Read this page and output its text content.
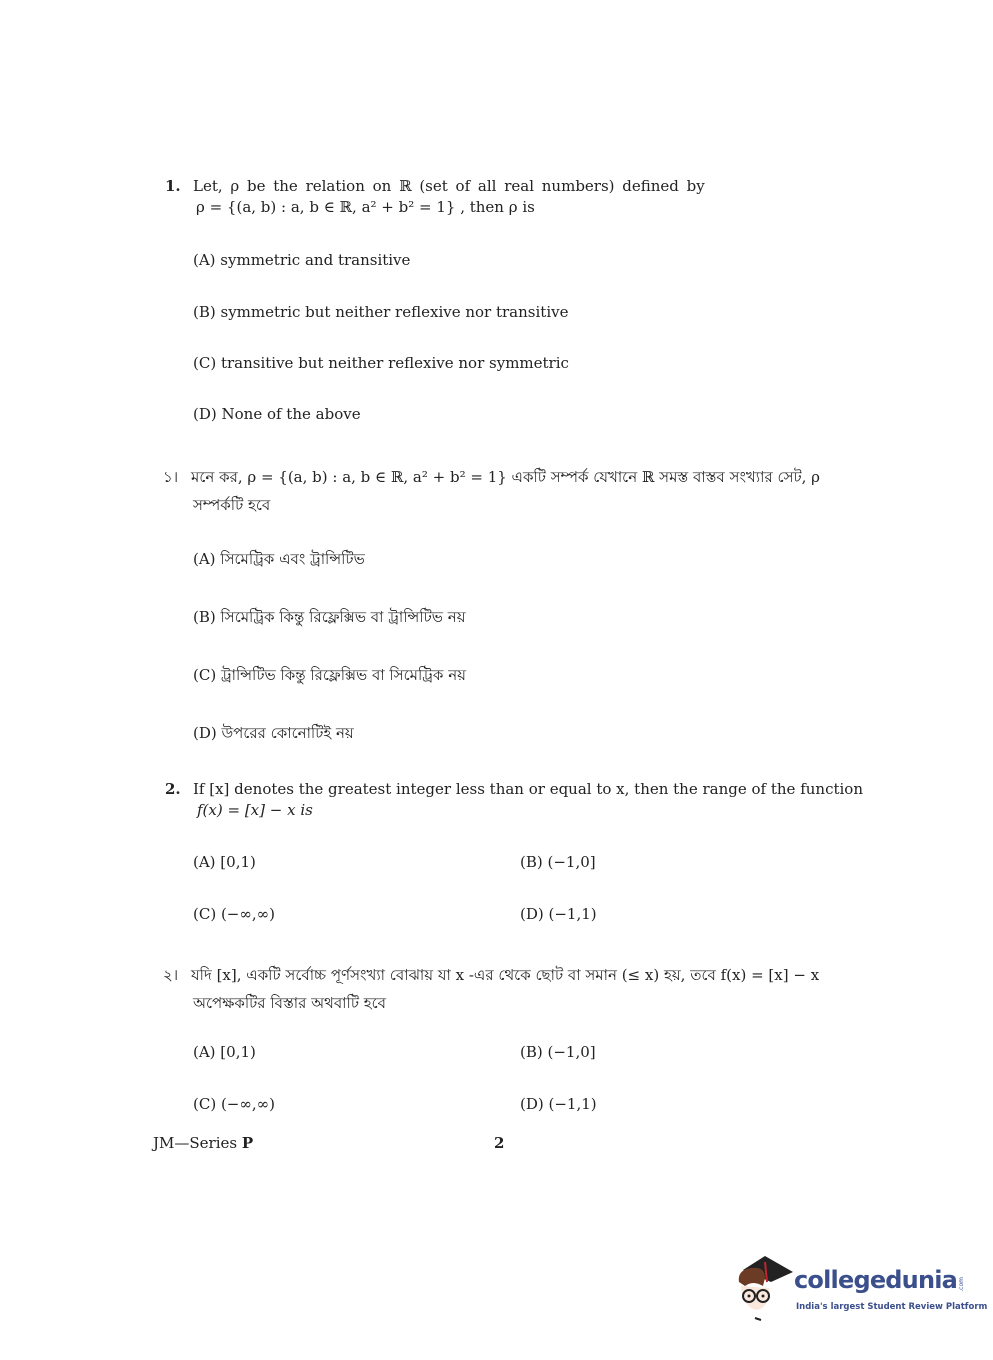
1. Let, ρ be the relation on ℝ (set of all real numbers) defined by
ρ = {(a, b) : a, b ∈ ℝ, a² + b² = 1} , then ρ is
(A) symmetric and transitive
(B) symmetric but neither reflexive nor transitive
(C) transitive but neither reflexive nor symmetric
(D) None of the above
১। মনে কর, ρ = {(a, b) : a, b ∈ ℝ, a² + b² = 1} একটি সম্পর্ক যেখানে ℝ সমস্ত বাস্তব সংখ্যার সেট, ρ
সম্পর্কটি হবে
(A) সিমেট্রিক এবং ট্রান্সিটিভ
(B) সিমেট্রিক কিন্তু রিফ্লেক্সিভ বা ট্রান্সিটিভ নয়
(C) ট্রান্সিটিভ কিন্তু রিফ্লেক্সিভ বা সিমেট্রিক নয়
(D) উপরের কোনোটিই নয়
2. If [x] denotes the greatest integer less than or equal to x, then the range of the function
f(x) = [x] − x is
(A) [0,1)	(B) (−1,0]
(C) (−∞,∞)	(D) (−1,1)
২। যদি [x], একটি সর্বোচ্চ পূর্ণসংখ্যা বোঝায় যা x -এর থেকে ছোট বা সমান (≤ x) হয়, তবে f(x) = [x] − x
অপেক্ষকটির বিস্তার অথবাটি হবে
(A) [0,1)	(B) (−1,0]
(C) (−∞,∞)	(D) (−1,1)
JM—Series P	2
collegedunia .com
India's largest Student Review Platform
